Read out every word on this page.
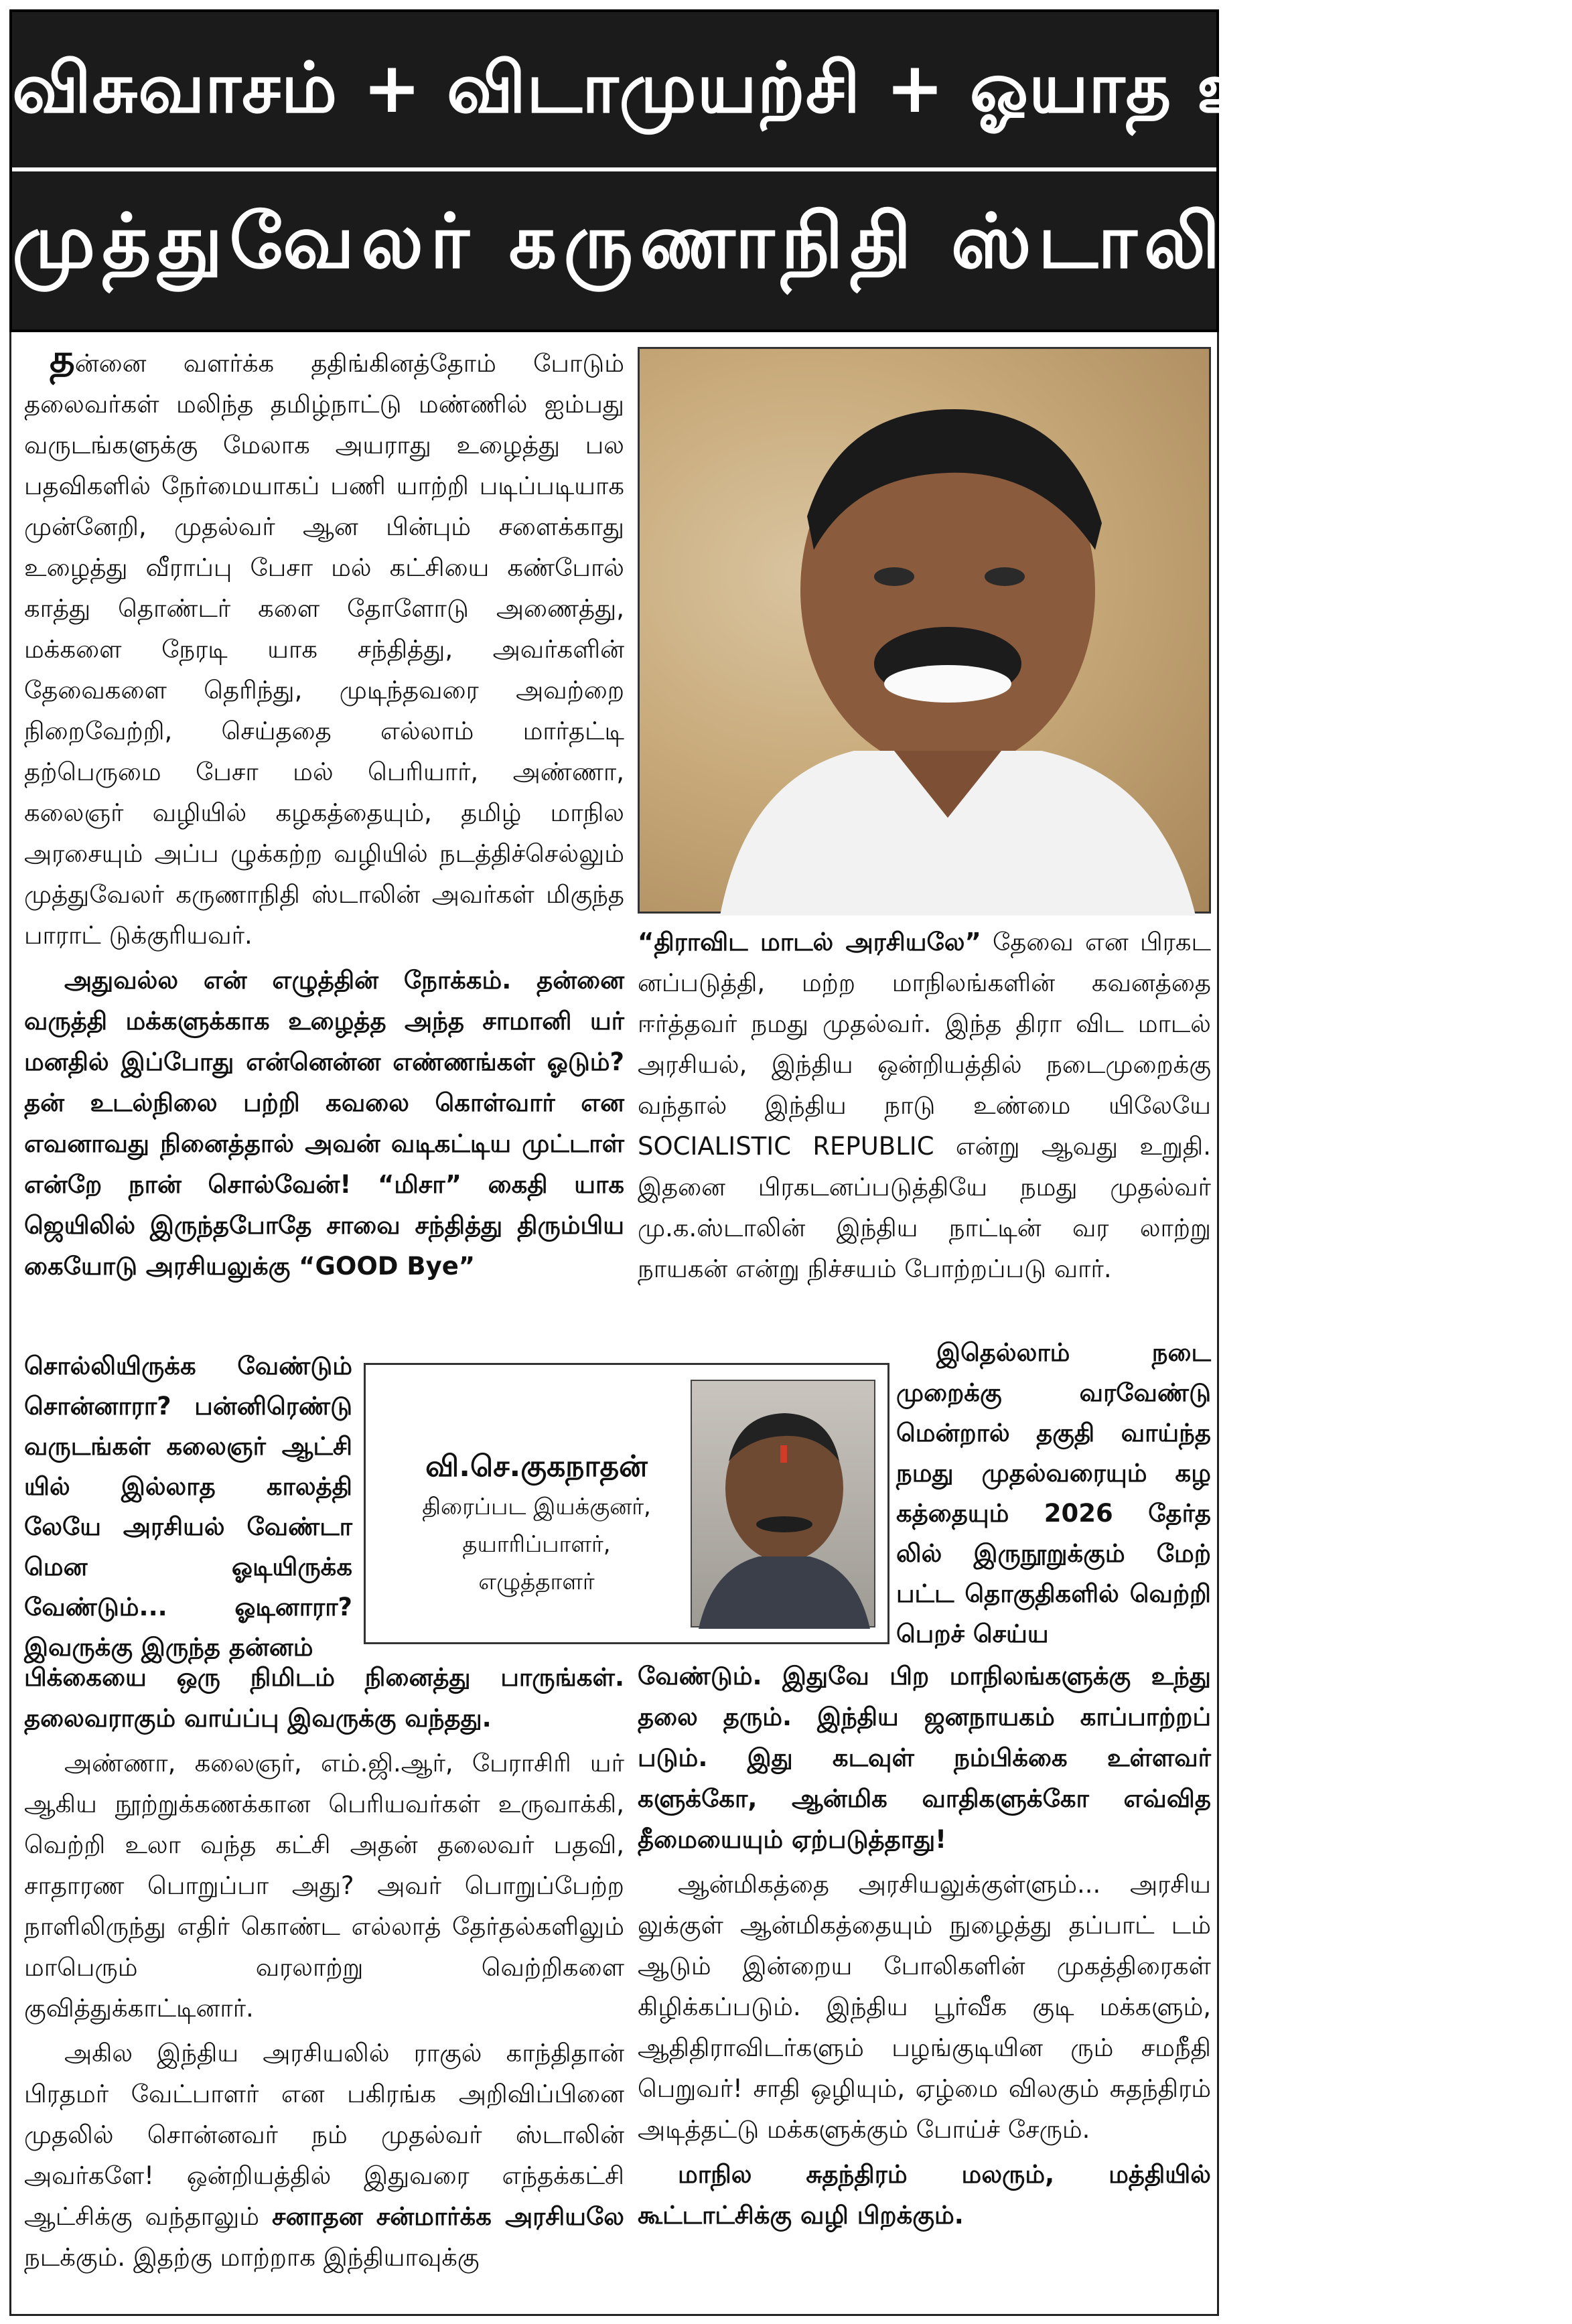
விசுவாசம் + விடாமுயற்சி + ஓயாத உழைப்பு =
முத்துவேலர் கருணாநிதி ஸ்டாலின்!

தன்னை வளர்க்க ததிங்கினத்தோம் போடும் தலைவர்கள் மலிந்த தமிழ்நாட்டு மண்ணில் ஐம்பது வருடங்களுக்கு மேலாக அயராது உழைத்து பல பதவிகளில் நேர்மையாகப் பணி யாற்றி படிப்படியாக முன்னேறி, முதல்வர் ஆன பின்பும் சளைக்காது உழைத்து வீராப்பு பேசா மல் கட்சியை கண்போல் காத்து தொண்டர் களை தோளோடு அணைத்து, மக்களை நேரடி யாக சந்தித்து, அவர்களின் தேவைகளை தெரிந்து, முடிந்தவரை அவற்றை நிறைவேற்றி, செய்ததை எல்லாம் மார்தட்டி தற்பெருமை பேசா மல் பெரியார், அண்ணா, கலைஞர் வழியில் கழகத்தையும், தமிழ் மாநில அரசையும் அப்ப ழுக்கற்ற வழியில் நடத்திச்செல்லும் முத்துவேலர் கருணாநிதி ஸ்டாலின் அவர்கள் மிகுந்த பாராட் டுக்குரியவர்.

அதுவல்ல என் எழுத்தின் நோக்கம். தன்னை வருத்தி மக்களுக்காக உழைத்த அந்த சாமானி யர் மனதில் இப்போது என்னென்ன எண்ணங்கள் ஓடும்? தன் உடல்நிலை பற்றி கவலை கொள்வார் என எவனாவது நினைத்தால் அவன் வடிகட்டிய முட்டாள் என்றே நான் சொல்வேன்! “மிசா” கைதி யாக ஜெயிலில் இருந்தபோதே சாவை சந்தித்து திரும்பிய கையோடு அரசியலுக்கு “GOOD Bye”

சொல்லியிருக்க வேண்டும் சொன்னாரா? பன்னிரெண்டு வருடங்கள் கலைஞர் ஆட்சி யில் இல்லாத காலத்தி லேயே அரசியல் வேண்டா மென ஓடியிருக்க வேண்டும்... ஓடினாரா? இவருக்கு இருந்த தன்னம்

பிக்கையை ஒரு நிமிடம் நினைத்து பாருங்கள். தலைவராகும் வாய்ப்பு இவருக்கு வந்தது.

அண்ணா, கலைஞர், எம்.ஜி.ஆர், பேராசிரி யர் ஆகிய நூற்றுக்கணக்கான பெரியவர்கள் உருவாக்கி, வெற்றி உலா வந்த கட்சி அதன் தலைவர் பதவி, சாதாரண பொறுப்பா அது? அவர் பொறுப்பேற்ற நாளிலிருந்து எதிர் கொண்ட எல்லாத் தேர்தல்களிலும் மாபெரும் வரலாற்று வெற்றிகளை குவித்துக்காட்டினார்.

அகில இந்திய அரசியலில் ராகுல் காந்திதான் பிரதமர் வேட்பாளர் என பகிரங்க அறிவிப்பினை முதலில் சொன்னவர் நம் முதல்வர் ஸ்டாலின் அவர்களே! ஒன்றியத்தில் இதுவரை எந்தக்கட்சி ஆட்சிக்கு வந்தாலும் சனாதன சன்மார்க்க அரசியலே நடக்கும். இதற்கு மாற்றாக இந்தியாவுக்கு

“திராவிட மாடல் அரசியலே” தேவை என பிரகட னப்படுத்தி, மற்ற மாநிலங்களின் கவனத்தை ஈர்த்தவர் நமது முதல்வர். இந்த திரா விட மாடல் அரசியல், இந்திய ஒன்றியத்தில் நடைமுறைக்கு வந்தால் இந்திய நாடு உண்மை யிலேயே SOCIALISTIC REPUBLIC என்று ஆவது உறுதி. இதனை பிரகடனப்படுத்தியே நமது முதல்வர் மு.க.ஸ்டாலின் இந்திய நாட்டின் வர லாற்று நாயகன் என்று நிச்சயம் போற்றப்படு வார்.

இதெல்லாம் நடை முறைக்கு வரவேண்டு மென்றால் தகுதி வாய்ந்த நமது முதல்வரையும் கழ கத்தையும் 2026 தேர்த லில் இருநூறுக்கும் மேற் பட்ட தொகுதிகளில் வெற்றி பெறச் செய்ய

வேண்டும். இதுவே பிற மாநிலங்களுக்கு உந்து தலை தரும். இந்திய ஜனநாயகம் காப்பாற்றப் படும். இது கடவுள் நம்பிக்கை உள்ளவர் களுக்கோ, ஆன்மிக வாதிகளுக்கோ எவ்வித தீமையையும் ஏற்படுத்தாது!

ஆன்மிகத்தை அரசியலுக்குள்ளும்... அரசிய லுக்குள் ஆன்மிகத்தையும் நுழைத்து தப்பாட் டம் ஆடும் இன்றைய போலிகளின் முகத்திரைகள் கிழிக்கப்படும். இந்திய பூர்வீக குடி மக்களும், ஆதிதிராவிடர்களும் பழங்குடியின ரும் சமநீதி பெறுவர்! சாதி ஒழியும், ஏழ்மை விலகும் சுதந்திரம் அடித்தட்டு மக்களுக்கும் போய்ச் சேரும்.

மாநில சுதந்திரம் மலரும், மத்தியில் கூட்டாட்சிக்கு வழி பிறக்கும்.

வி.செ.குகநாதன்
திரைப்பட இயக்குனர்,
தயாரிப்பாளர்,
எழுத்தாளர்
